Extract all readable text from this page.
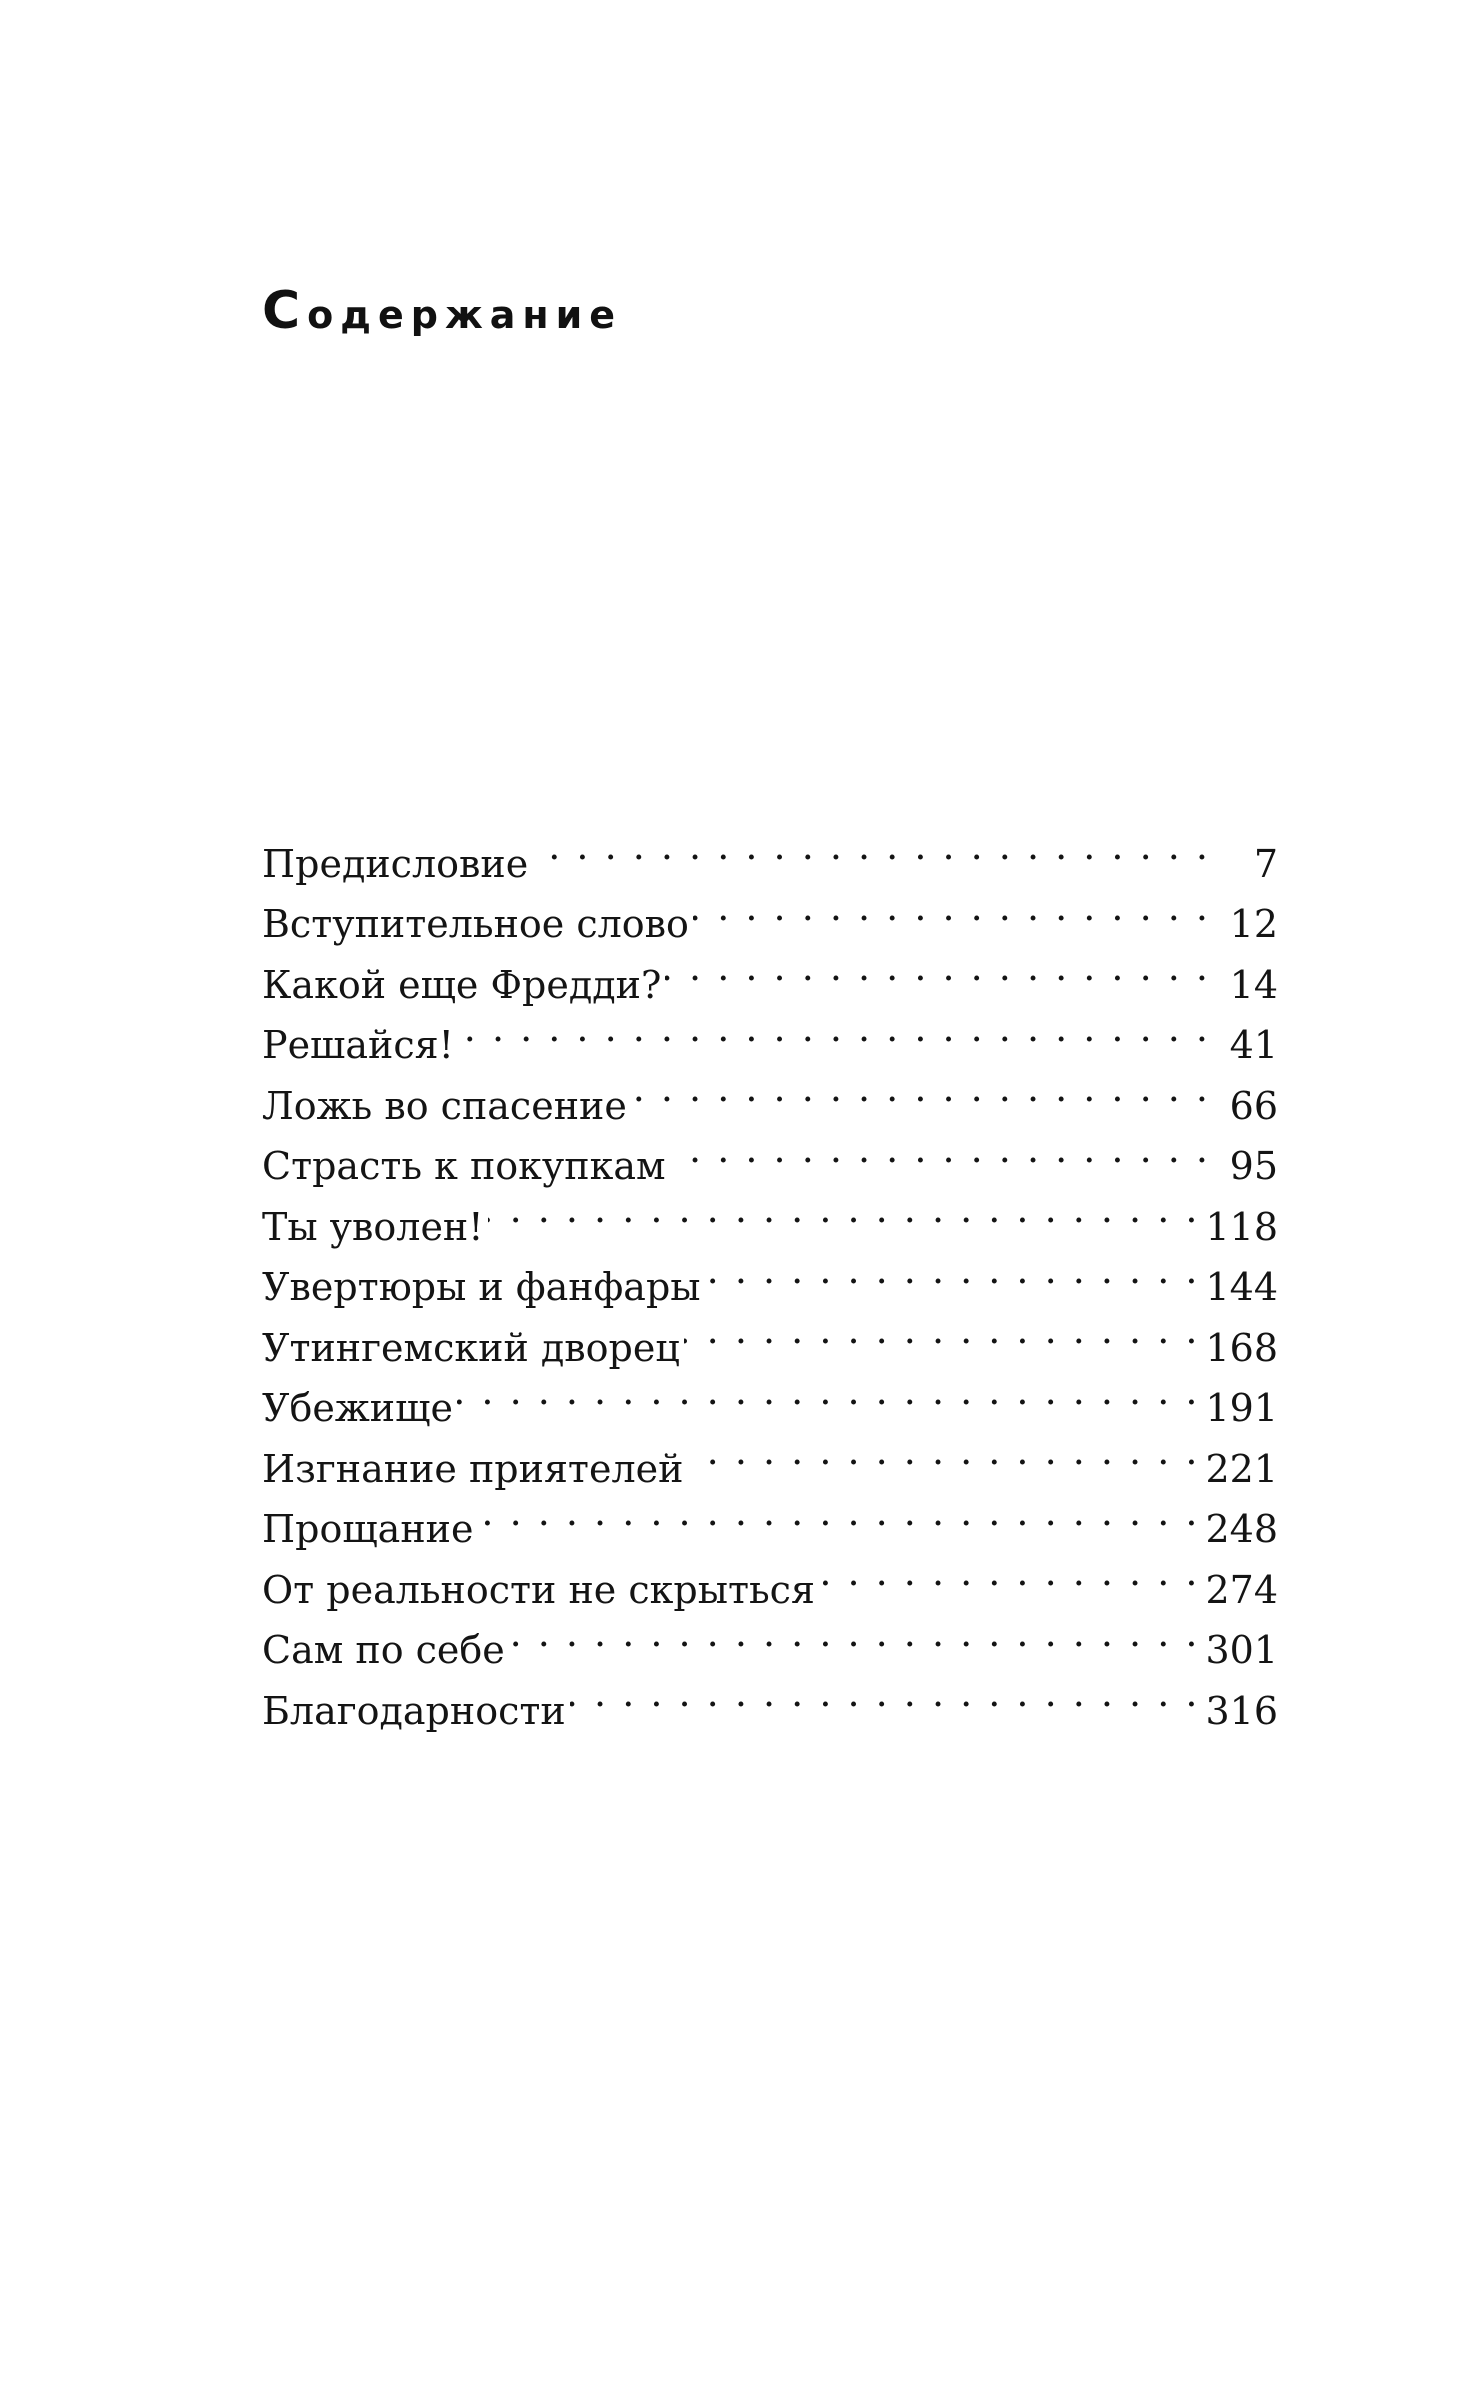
Содержание
Предисловие . . .	7
Вступительное слово . . .	12
Какой еще Фредди? . . .	14
Решайся! . . .	41
Ложь во спасение . . .	66
Страсть к покупкам . . .	95
Ты уволен! . . .	118
Увертюры и фанфары . . .	144
Утингемский дворец . . .	168
Убежище . . .	191
Изгнание приятелей . . .	221
Прощание . . .	248
От реальности не скрыться . . .	274
Сам по себе . . .	301
Благодарности . . .	316
